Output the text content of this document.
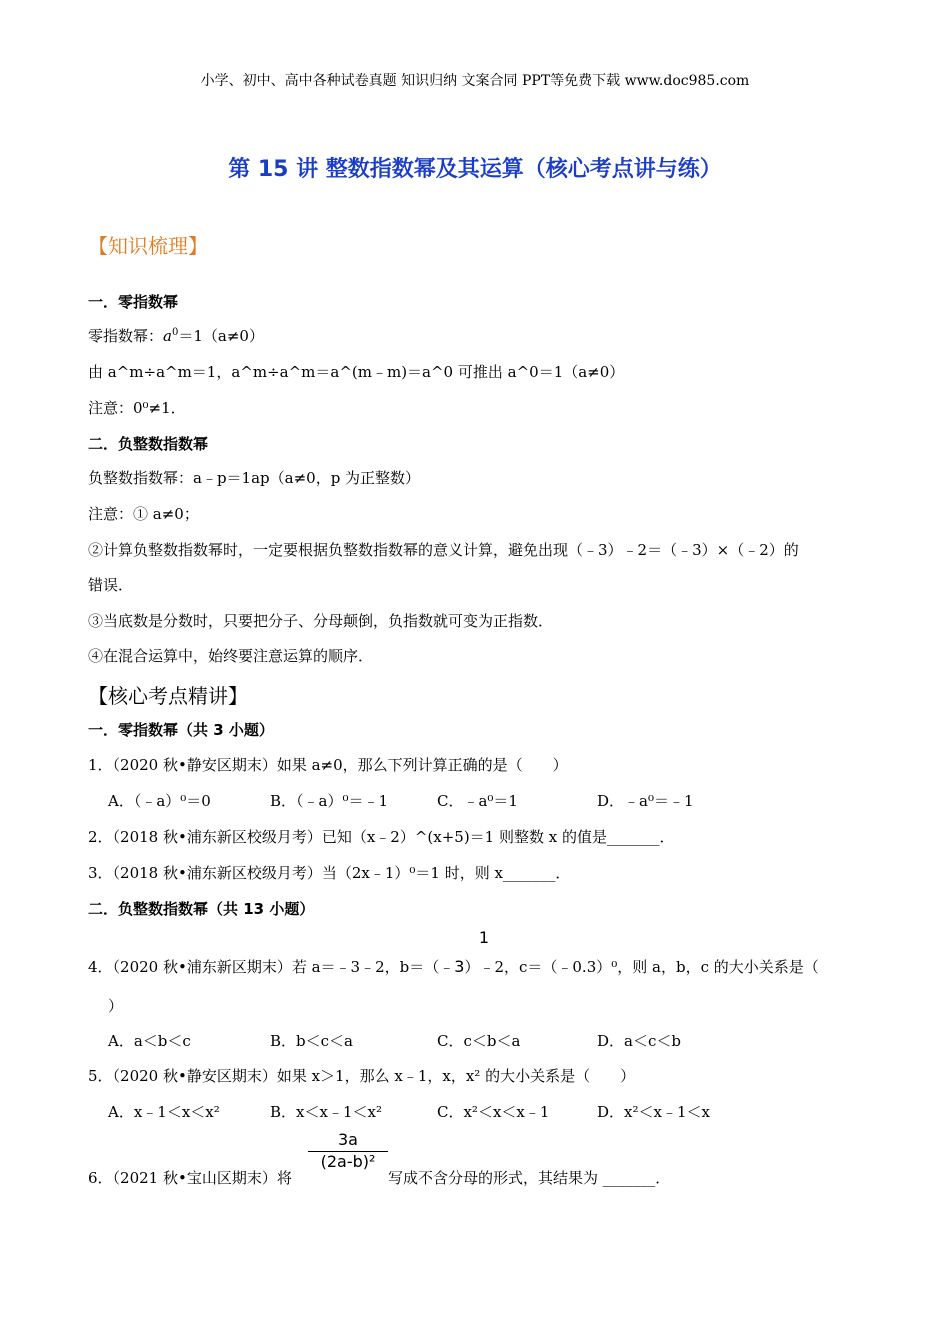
小学、初中、高中各种试卷真题 知识归纳 文案合同 PPT等免费下载 www.doc985.com
第 15 讲 整数指数幂及其运算（核心考点讲与练）
【知识梳理】
一．零指数幂
零指数幂：$a^0=1(a\ne 0)$
由 a^m÷a^m＝1，a^m÷a^m＝a^(m﹣m)＝a^0 可推出 a^0＝1（a≠0）
注意：0⁰≠1．
二．负整数指数幂
负整数指数幂：a﹣p＝1ap（a≠0，p 为正整数）
注意：① a≠0；
②计算负整数指数幂时，一定要根据负整数指数幂的意义计算，避免出现（﹣3）﹣2＝（﹣3）×（﹣2）的
错误．
③当底数是分数时，只要把分子、分母颠倒，负指数就可变为正指数．
④在混合运算中，始终要注意运算的顺序．
【核心考点精讲】
一．零指数幂（共 3 小题）
1．（2020 秋•静安区期末）如果 a≠0，那么下列计算正确的是（　　）
A．（﹣a）⁰＝0	B．（﹣a）⁰＝﹣1	C．﹣a⁰＝1	D．﹣a⁰＝﹣1
2．（2018 秋•浦东新区校级月考）已知（x﹣2）^(x+5)＝1 则整数 x 的值是_______．
3．（2018 秋•浦东新区校级月考）当（2x﹣1）⁰＝1 时，则 x_______．
二．负整数指数幂（共 13 小题）
1
4．（2020 秋•浦东新区期末）若 a＝﹣3﹣2，b＝（﹣3）﹣2，c＝（﹣0.3）⁰，则 a，b，c 的大小关系是（
）
A．a＜b＜c	B．b＜c＜a	C．c＜b＜a	D．a＜c＜b
5．（2020 秋•静安区期末）如果 x＞1，那么 x﹣1，x，x² 的大小关系是（　　）
A．x﹣1＜x＜x²	B．x＜x﹣1＜x²	C．x²＜x＜x﹣1	D．x²＜x﹣1＜x
$\frac{3a}{\text{(2a-b)²}}$
6．（2021 秋•宝山区期末）将	写成不含分母的形式，其结果为 _______．
